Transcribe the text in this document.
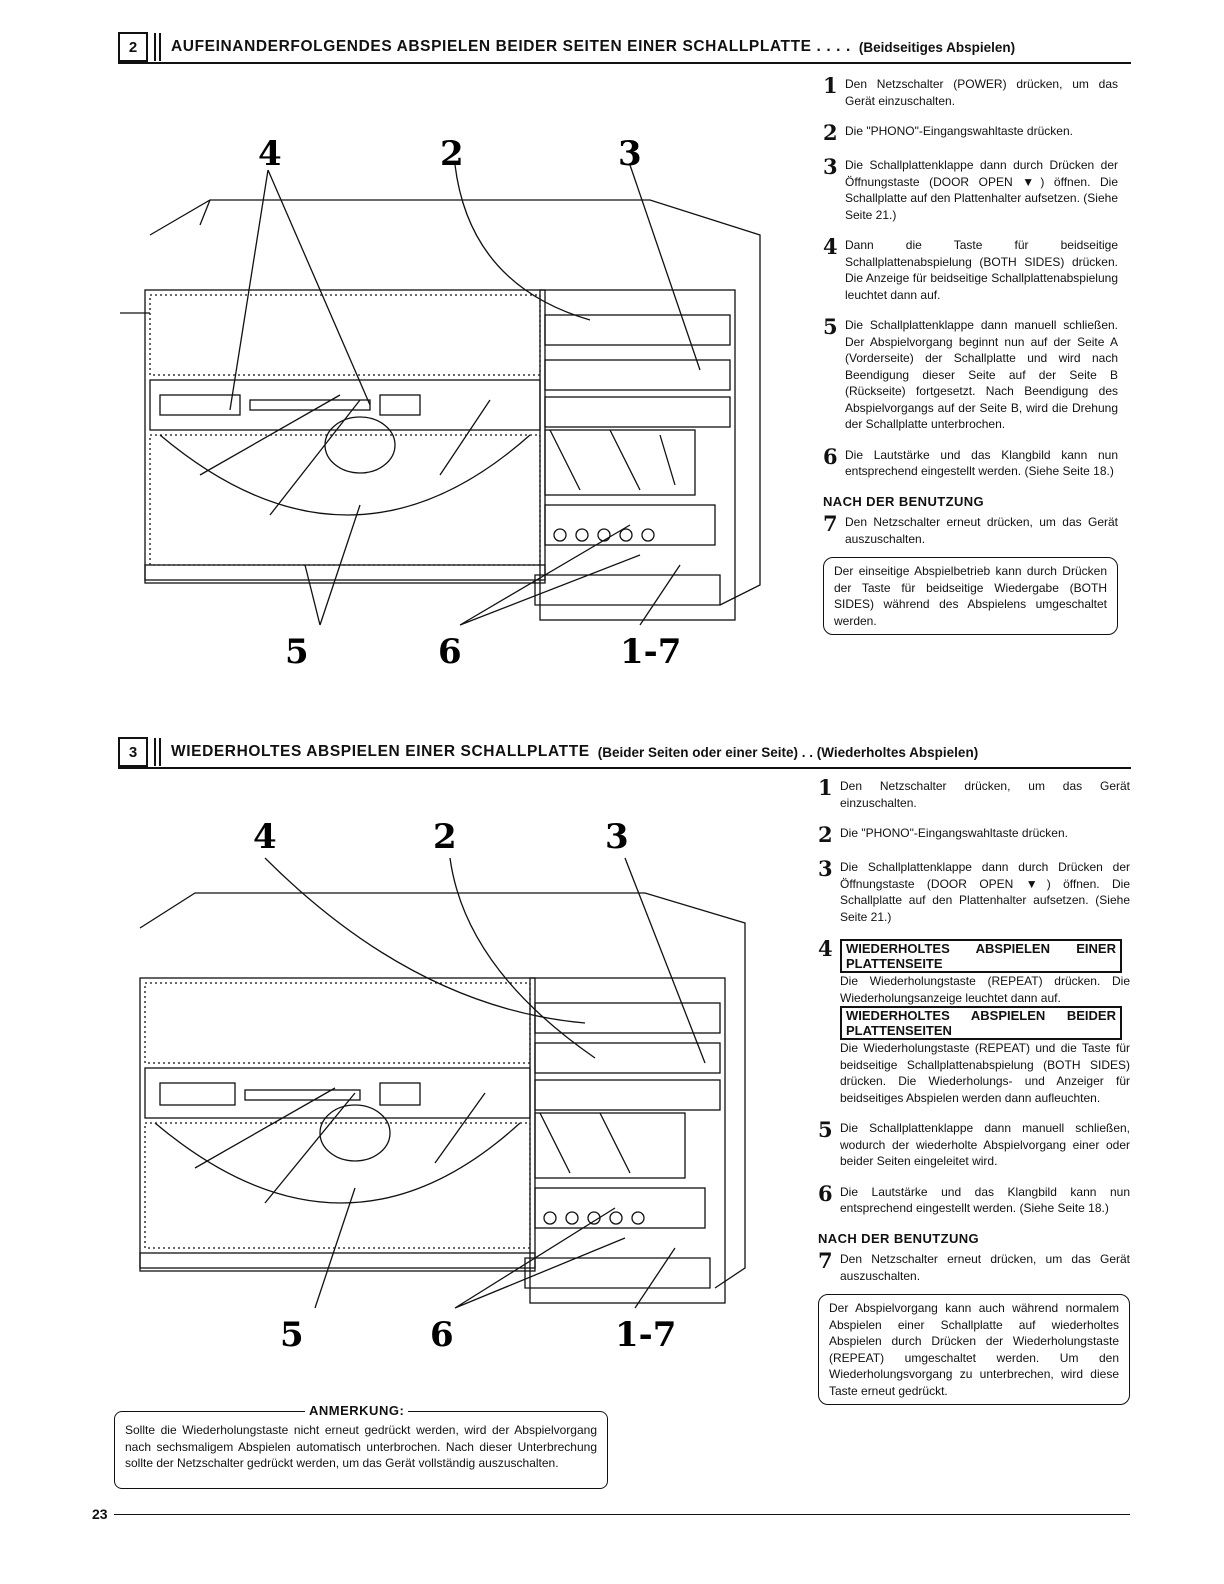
2	AUFEINANDERFOLGENDES ABSPIELEN BEIDER SEITEN EINER SCHALLPLATTE . . . . (Beidseitiges Abspielen)
4	2	3
5	6	1-7
1 Den Netzschalter (POWER) drücken, um das Gerät einzuschalten.
2 Die "PHONO"-Eingangswahltaste drücken.
3 Die Schallplattenklappe dann durch Drücken der Öffnungstaste (DOOR OPEN ▼) öffnen. Die Schallplatte auf den Plattenhalter aufsetzen. (Siehe Seite 21.)
4 Dann die Taste für beidseitige Schallplattenabspielung (BOTH SIDES) drücken. Die Anzeige für beidseitige Schallplattenabspielung leuchtet dann auf.
5 Die Schallplattenklappe dann manuell schließen. Der Abspielvorgang beginnt nun auf der Seite A (Vorderseite) der Schallplatte und wird nach Beendigung dieser Seite auf der Seite B (Rückseite) fortgesetzt. Nach Beendigung des Abspielvorgangs auf der Seite B, wird die Drehung der Schallplatte unterbrochen.
6 Die Lautstärke und das Klangbild kann nun entsprechend eingestellt werden. (Siehe Seite 18.)
NACH DER BENUTZUNG
7 Den Netzschalter erneut drücken, um das Gerät auszuschalten.
Der einseitige Abspielbetrieb kann durch Drücken der Taste für beidseitige Wiedergabe (BOTH SIDES) während des Abspielens umgeschaltet werden.
3	WIEDERHOLTES ABSPIELEN EINER SCHALLPLATTE (Beider Seiten oder einer Seite) . . (Wiederholtes Abspielen)
4	2	3
5	6	1-7
1 Den Netzschalter drücken, um das Gerät einzuschalten.
2 Die "PHONO"-Eingangswahltaste drücken.
3 Die Schallplattenklappe dann durch Drücken der Öffnungstaste (DOOR OPEN ▼) öffnen. Die Schallplatte auf den Plattenhalter aufsetzen. (Siehe Seite 21.)
4	WIEDERHOLTES ABSPIELEN EINER PLATTENSEITE
Die Wiederholungstaste (REPEAT) drücken. Die Wiederholungsanzeige leuchtet dann auf.
WIEDERHOLTES ABSPIELEN BEIDER PLATTENSEITEN
Die Wiederholungstaste (REPEAT) und die Taste für beidseitige Schallplattenabspielung (BOTH SIDES) drücken. Die Wiederholungs- und Anzeiger für beidseitiges Abspielen werden dann aufleuchten.
5 Die Schallplattenklappe dann manuell schließen, wodurch der wiederholte Abspielvorgang einer oder beider Seiten eingeleitet wird.
6 Die Lautstärke und das Klangbild kann nun entsprechend eingestellt werden. (Siehe Seite 18.)
NACH DER BENUTZUNG
7 Den Netzschalter erneut drücken, um das Gerät auszuschalten.
Der Abspielvorgang kann auch während normalem Abspielen einer Schallplatte auf wiederholtes Abspielen durch Drücken der Wiederholungstaste (REPEAT) umgeschaltet werden. Um den Wiederholungsvorgang zu unterbrechen, wird diese Taste erneut gedrückt.
Sollte die Wiederholungstaste nicht erneut gedrückt werden, wird der Abspielvorgang nach sechsmaligem Abspielen automatisch unterbrochen. Nach dieser Unterbrechung sollte der Netzschalter gedrückt werden, um das Gerät vollständig auszuschalten.
ANMERKUNG:
23
